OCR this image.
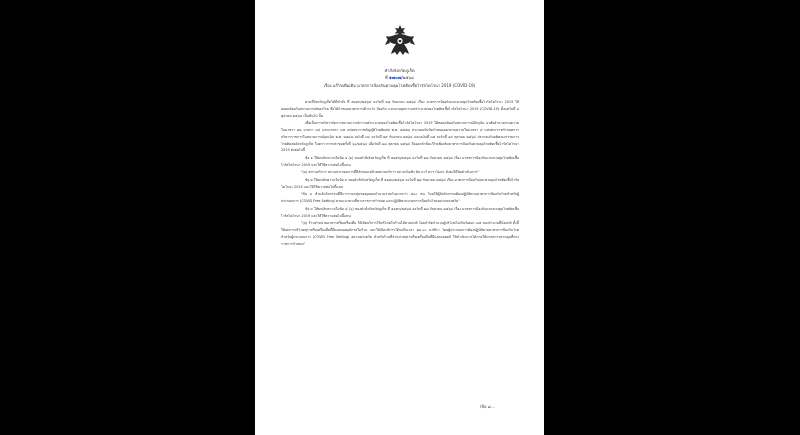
คำสั่งจังหวัดภูเก็ต
ที่ ๑๗๐๗/๒๕๖๔
เรื่อง แก้ไขเพิ่มเติม มาตรการป้องกันควบคุมโรคติดเชื้อไวรัสโคโรนา 2019 (COVID-19)

ตามที่จังหวัดภูเก็ตได้มีคำสั่ง ที่ ๕๑๙๓/๒๕๖๔ ลงวันที่ ๒๗ กันยายน ๒๕๖๔ เรื่อง มาตรการป้องกันและควบคุมโรคติดเชื้อไวรัสโคโรนา 2019 ให้สอดคล้องกับสถานการณ์ของโรค ซึ่งได้กำหนดมาตรการเฝ้าระวัง ป้องกัน และควบคุมการแพร่ระบาดของโรคติดเชื้อไวรัสโคโรนา 2019 (COVID-19) ตั้งแต่วันที่ ๑ ตุลาคม ๒๕๖๔ เป็นต้นไป นั้น

เพื่อเป็นการบริหารจัดการสถานการณ์การแพร่ระบาดของโรคติดเชื้อไวรัสโคโรนา 2019 ให้สอดคล้องกับสถานการณ์ปัจจุบัน อาศัยอำนาจตามความในมาตรา ๒๒ มาตรา ๓๔ และมาตรา ๓๕ แห่งพระราชบัญญัติโรคติดต่อ พ.ศ. ๒๕๕๘ ประกอบกับข้อกำหนดออกตามความในมาตรา ๙ แห่งพระราชกำหนดการบริหารราชการในสถานการณ์ฉุกเฉิน พ.ศ. ๒๕๔๘ ฉบับที่ ๓๔ ลงวันที่ ๒๙ กันยายน ๒๕๖๔ และฉบับที่ ๓๕ ลงวันที่ ๑๔ ตุลาคม ๒๕๖๔ ประกอบกับมติคณะกรรมการโรคติดต่อจังหวัดภูเก็ต ในคราวการประชุมครั้งที่ ๖๐/๒๕๖๔ เมื่อวันที่ ๑๘ ตุลาคม ๒๕๖๔ จึงออกคำสั่งแก้ไขเพิ่มเติมมาตรการป้องกันควบคุมโรคติดเชื้อไวรัสโคโรนา 2019 ดังต่อไปนี้

ข้อ ๑ ให้ยกเลิกความในข้อ ๑ (๑) ของคำสั่งจังหวัดภูเก็ต ที่ ๕๑๙๓/๒๕๖๔ ลงวันที่ ๒๗ กันยายน ๒๕๖๔ เรื่อง มาตรการป้องกันและควบคุมโรคติดเชื้อไวรัสโคโรนา 2019 และให้ใช้ความต่อไปนี้แทน

"(๑) สถานบริการ สถานประกอบการที่มีลักษณะคล้ายสถานบริการ สถานบันเทิง ผับ บาร์ คาราโอเกะ ยังคงให้ปิดดำเนินการ"

ข้อ ๒ ให้ยกเลิกความในข้อ ๓ ของคำสั่งจังหวัดภูเก็ต ที่ ๕๑๙๓/๒๕๖๔ ลงวันที่ ๒๗ กันยายน ๒๕๖๔ เรื่อง มาตรการป้องกันและควบคุมโรคติดเชื้อไวรัสโคโรนา 2019 และให้ใช้ความต่อไปนี้แทน

"ข้อ ๓ ห้ามจัดกิจกรรมที่มีการรวมกลุ่มของบุคคลจำนวนรวมกันมากกว่า ๕๐๐ คน โดยให้ผู้จัดกิจกรรมต้องปฏิบัติตามมาตรการป้องกันโรคสำหรับผู้ประกอบการ (COVID Free Setting) ตามแนวทางที่ทางราชการกำหนด และปฏิบัติตามมาตรการป้องกันโรคอย่างเคร่งครัด"

ข้อ ๓ ให้ยกเลิกความในข้อ ๔ (๖) ของคำสั่งจังหวัดภูเก็ต ที่ ๕๑๙๓/๒๕๖๔ ลงวันที่ ๒๗ กันยายน ๒๕๖๔ เรื่อง มาตรการป้องกันและควบคุมโรคติดเชื้อไวรัสโคโรนา 2019 และให้ใช้ความต่อไปนี้แทน

"(๖) ร้านจำหน่ายอาหารหรือเครื่องดื่ม ให้เปิดบริการให้บริโภคในร้านได้ตามปกติ โดยจำกัดจำนวนผู้บริโภคไม่เกินร้อยละ ๗๕ ของจำนวนที่นั่งปกติ ทั้งนี้ให้งดการบริโภคสุราหรือเครื่องดื่มที่มีแอลกอฮอล์ภายในร้าน และให้เปิดบริการได้จนถึงเวลา ๒๓.๐๐ นาฬิกา โดยผู้ประกอบการต้องปฏิบัติตามมาตรการป้องกันโรคสำหรับผู้ประกอบการ (COVID Free Setting) อย่างเคร่งครัด สำหรับร้านที่จำหน่ายสุราหรือเครื่องดื่มที่มีแอลกอฮอล์ ให้ดำเนินการได้ภายใต้มาตรการควบคุมที่ทางราชการกำหนด"

/ข้อ ๔...
